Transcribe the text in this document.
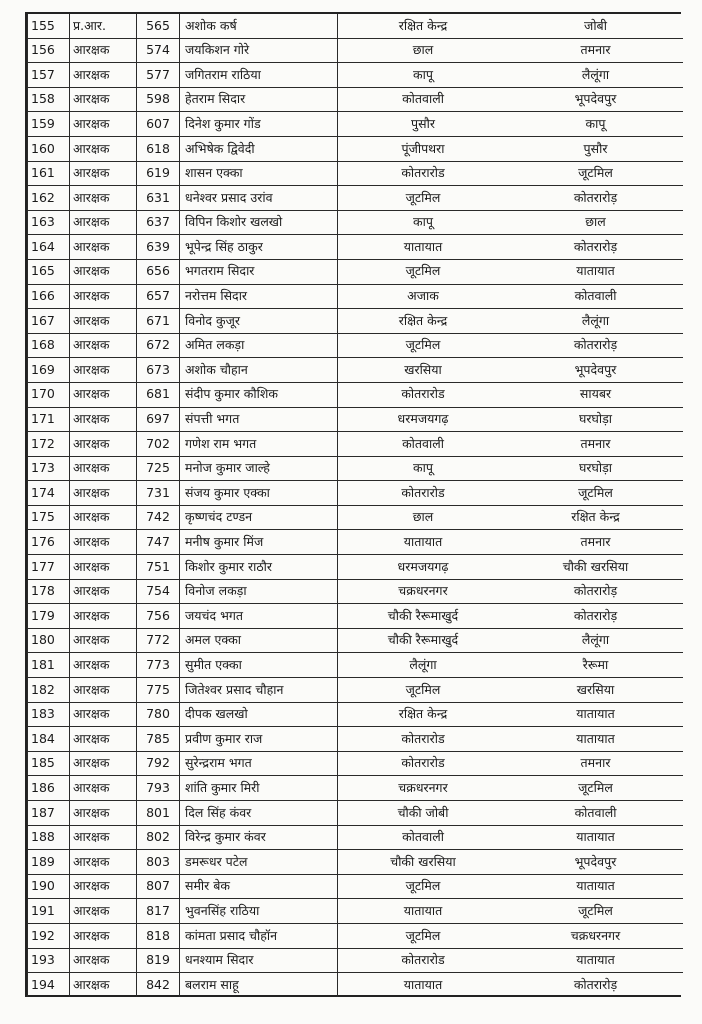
155	प्र.आर.	565	अशोक कर्ष	रक्षित केन्द्र	जोबी
156	आरक्षक	574	जयकिशन गोरे	छाल	तमनार
157	आरक्षक	577	जगितराम राठिया	कापू	लैलूंगा
158	आरक्षक	598	हेतराम सिदार	कोतवाली	भूपदेवपुर
159	आरक्षक	607	दिनेश कुमार गोंड	पुसौर	कापू
160	आरक्षक	618	अभिषेक द्विवेदी	पूंजीपथरा	पुसौर
161	आरक्षक	619	शासन एक्का	कोतरारोड	जूटमिल
162	आरक्षक	631	धनेश्वर प्रसाद उरांव	जूटमिल	कोतरारोड़
163	आरक्षक	637	विपिन किशोर खलखो	कापू	छाल
164	आरक्षक	639	भूपेन्द्र सिंह ठाकुर	यातायात	कोतरारोड़
165	आरक्षक	656	भगतराम सिदार	जूटमिल	यातायात
166	आरक्षक	657	नरोत्तम सिदार	अजाक	कोतवाली
167	आरक्षक	671	विनोद कुजूर	रक्षित केन्द्र	लैलूंगा
168	आरक्षक	672	अमित लकड़ा	जूटमिल	कोतरारोड़
169	आरक्षक	673	अशोक चौहान	खरसिया	भूपदेवपुर
170	आरक्षक	681	संदीप कुमार कौशिक	कोतरारोड	सायबर
171	आरक्षक	697	संपत्ती भगत	धरमजयगढ़	घरघोड़ा
172	आरक्षक	702	गणेश राम भगत	कोतवाली	तमनार
173	आरक्षक	725	मनोज कुमार जाल्हे	कापू	घरघोड़ा
174	आरक्षक	731	संजय कुमार एक्का	कोतरारोड	जूटमिल
175	आरक्षक	742	कृष्णचंद टण्डन	छाल	रक्षित केन्द्र
176	आरक्षक	747	मनीष कुमार मिंज	यातायात	तमनार
177	आरक्षक	751	किशोर कुमार राठौर	धरमजयगढ़	चौकी खरसिया
178	आरक्षक	754	विनोज लकड़ा	चक्रधरनगर	कोतरारोड़
179	आरक्षक	756	जयचंद भगत	चौकी रैरूमाखुर्द	कोतरारोड़
180	आरक्षक	772	अमल एक्का	चौकी रैरूमाखुर्द	लैलूंगा
181	आरक्षक	773	सुमीत एक्का	लैलूंगा	रैरूमा
182	आरक्षक	775	जितेश्वर प्रसाद चौहान	जूटमिल	खरसिया
183	आरक्षक	780	दीपक खलखो	रक्षित केन्द्र	यातायात
184	आरक्षक	785	प्रवीण कुमार राज	कोतरारोड	यातायात
185	आरक्षक	792	सुरेन्द्रराम भगत	कोतरारोड	तमनार
186	आरक्षक	793	शांति कुमार मिरी	चक्रधरनगर	जूटमिल
187	आरक्षक	801	दिल सिंह कंवर	चौकी जोबी	कोतवाली
188	आरक्षक	802	विरेन्द्र कुमार कंवर	कोतवाली	यातायात
189	आरक्षक	803	डमरूधर पटेल	चौकी खरसिया	भूपदेवपुर
190	आरक्षक	807	समीर बेक	जूटमिल	यातायात
191	आरक्षक	817	भुवनसिंह राठिया	यातायात	जूटमिल
192	आरक्षक	818	कांमता प्रसाद चौहॉन	जूटमिल	चक्रधरनगर
193	आरक्षक	819	धनश्याम सिदार	कोतरारोड	यातायात
194	आरक्षक	842	बलराम साहू	यातायात	कोतरारोड़
